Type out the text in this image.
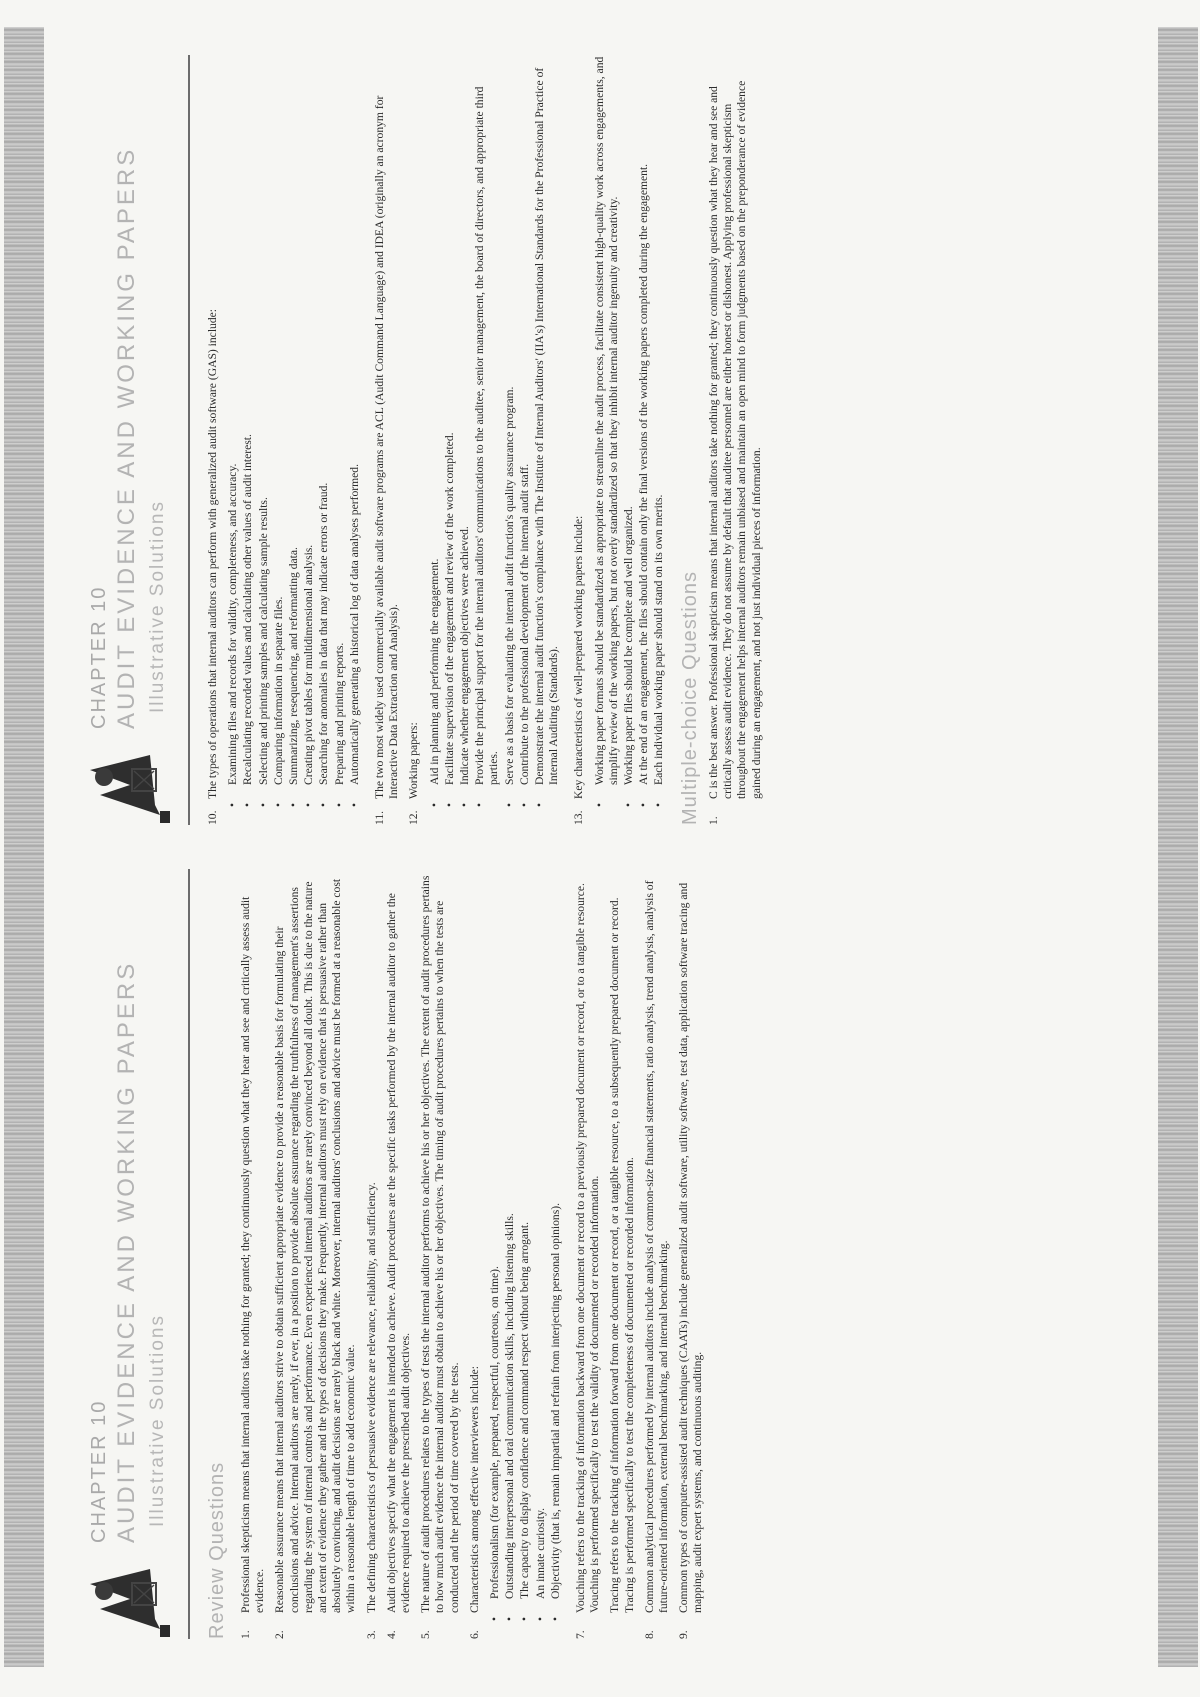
CHAPTER 10 AUDIT EVIDENCE AND WORKING PAPERS Illustrative Solutions
Review Questions 1.
Professional skepticism means that internal auditors take nothing for granted; they continuously question what they hear and see and critically assess audit evidence.
2.
Reasonable assurance means that internal auditors strive to obtain sufficient appropriate evidence to provide a reasonable basis for formulating their conclusions and advice. Internal auditors are rarely, if ever, in a position to provide absolute assurance regarding the truthfulness of management's assertions regarding the system of internal controls and performance. Even experienced internal auditors are rarely convinced beyond all doubt. This is due to the nature and extent of evidence they gather and the types of decisions they make. Frequently, internal auditors must rely on evidence that is persuasive rather than absolutely convincing, and audit decisions are rarely black and white. Moreover, internal auditors' conclusions and advice must be formed at a reasonable cost within a reasonable length of time to add economic value.
3.
The defining characteristics of persuasive evidence are relevance, reliability, and sufficiency.
4.
Audit objectives specify what the engagement is intended to achieve. Audit procedures are the specific tasks performed by the internal auditor to gather the evidence required to achieve the prescribed audit objectives.
5.
The nature of audit procedures relates to the types of tests the internal auditor performs to achieve his or her objectives. The extent of audit procedures pertains to how much audit evidence the internal auditor must obtain to achieve his or her objectives. The timing of audit procedures pertains to when the tests are conducted and the period of time covered by the tests.
6.
Characteristics among effective interviewers include:
•
Professionalism (for example, prepared, respectful, courteous, on time).
•
Outstanding interpersonal and oral communication skills, including listening skills.
•
The capacity to display confidence and command respect without being arrogant.
•
An innate curiosity.
•
Objectivity (that is, remain impartial and refrain from interjecting personal opinions).
7.
Vouching refers to the tracking of information backward from one document or record to a previously prepared document or record, or to a tangible resource. Vouching is performed specifically to test the validity of documented or recorded information. Tracing refers to the tracking of information forward from one document or record, or a tangible resource, to a subsequently prepared document or record. Tracing is performed specifically to test the completeness of documented or recorded information.
8.
Common analytical procedures performed by internal auditors include analysis of common-size financial statements, ratio analysis, trend analysis, analysis of future-oriented information, external benchmarking, and internal benchmarking.
9.
Common types of computer-assisted audit techniques (CAATs) include generalized audit software, utility software, test data, application software tracing and mapping, audit expert systems, and continuous auditing.
CHAPTER 10 AUDIT EVIDENCE AND WORKING PAPERS Illustrative Solutions
10.
The types of operations that internal auditors can perform with generalized audit software (GAS) include:
•
Examining files and records for validity, completeness, and accuracy.
•
Recalculating recorded values and calculating other values of audit interest.
•
Selecting and printing samples and calculating sample results.
•
Comparing information in separate files.
•
Summarizing, resequencing, and reformatting data.
•
Creating pivot tables for multidimensional analysis.
•
Searching for anomalies in data that may indicate errors or fraud.
•
Preparing and printing reports.
•
Automatically generating a historical log of data analyses performed.
11.
The two most widely used commercially available audit software programs are ACL (Audit Command Language) and IDEA (originally an acronym for Interactive Data Extraction and Analysis).
12.
Working papers:
•
Aid in planning and performing the engagement.
•
Facilitate supervision of the engagement and review of the work completed.
•
Indicate whether engagement objectives were achieved.
•
Provide the principal support for the internal auditors' communications to the auditee, senior management, the board of directors, and appropriate third parties.
•
Serve as a basis for evaluating the internal audit function's quality assurance program.
•
Contribute to the professional development of the internal audit staff.
•
Demonstrate the internal audit function's compliance with The Institute of Internal Auditors' (IIA's) International Standards for the Professional Practice of Internal Auditing (Standards).
13.
Key characteristics of well-prepared working papers include:
•
Working paper formats should be standardized as appropriate to streamline the audit process, facilitate consistent high-quality work across engagements, and simplify review of the working papers, but not overly standardized so that they inhibit internal auditor ingenuity and creativity.
•
Working paper files should be complete and well organized.
•
At the end of an engagement, the files should contain only the final versions of the working papers completed during the engagement.
•
Each individual working paper should stand on its own merits. Multiple-choice Questions 1.
C is the best answer. Professional skepticism means that internal auditors take nothing for granted; they continuously question what they hear and see and critically assess audit evidence. They do not assume by default that auditee personnel are either honest or dishonest. Applying professional skepticism throughout the engagement helps internal auditors remain unbiased and maintain an open mind to form judgments based on the preponderance of evidence gained during an engagement, and not just individual pieces of information.
